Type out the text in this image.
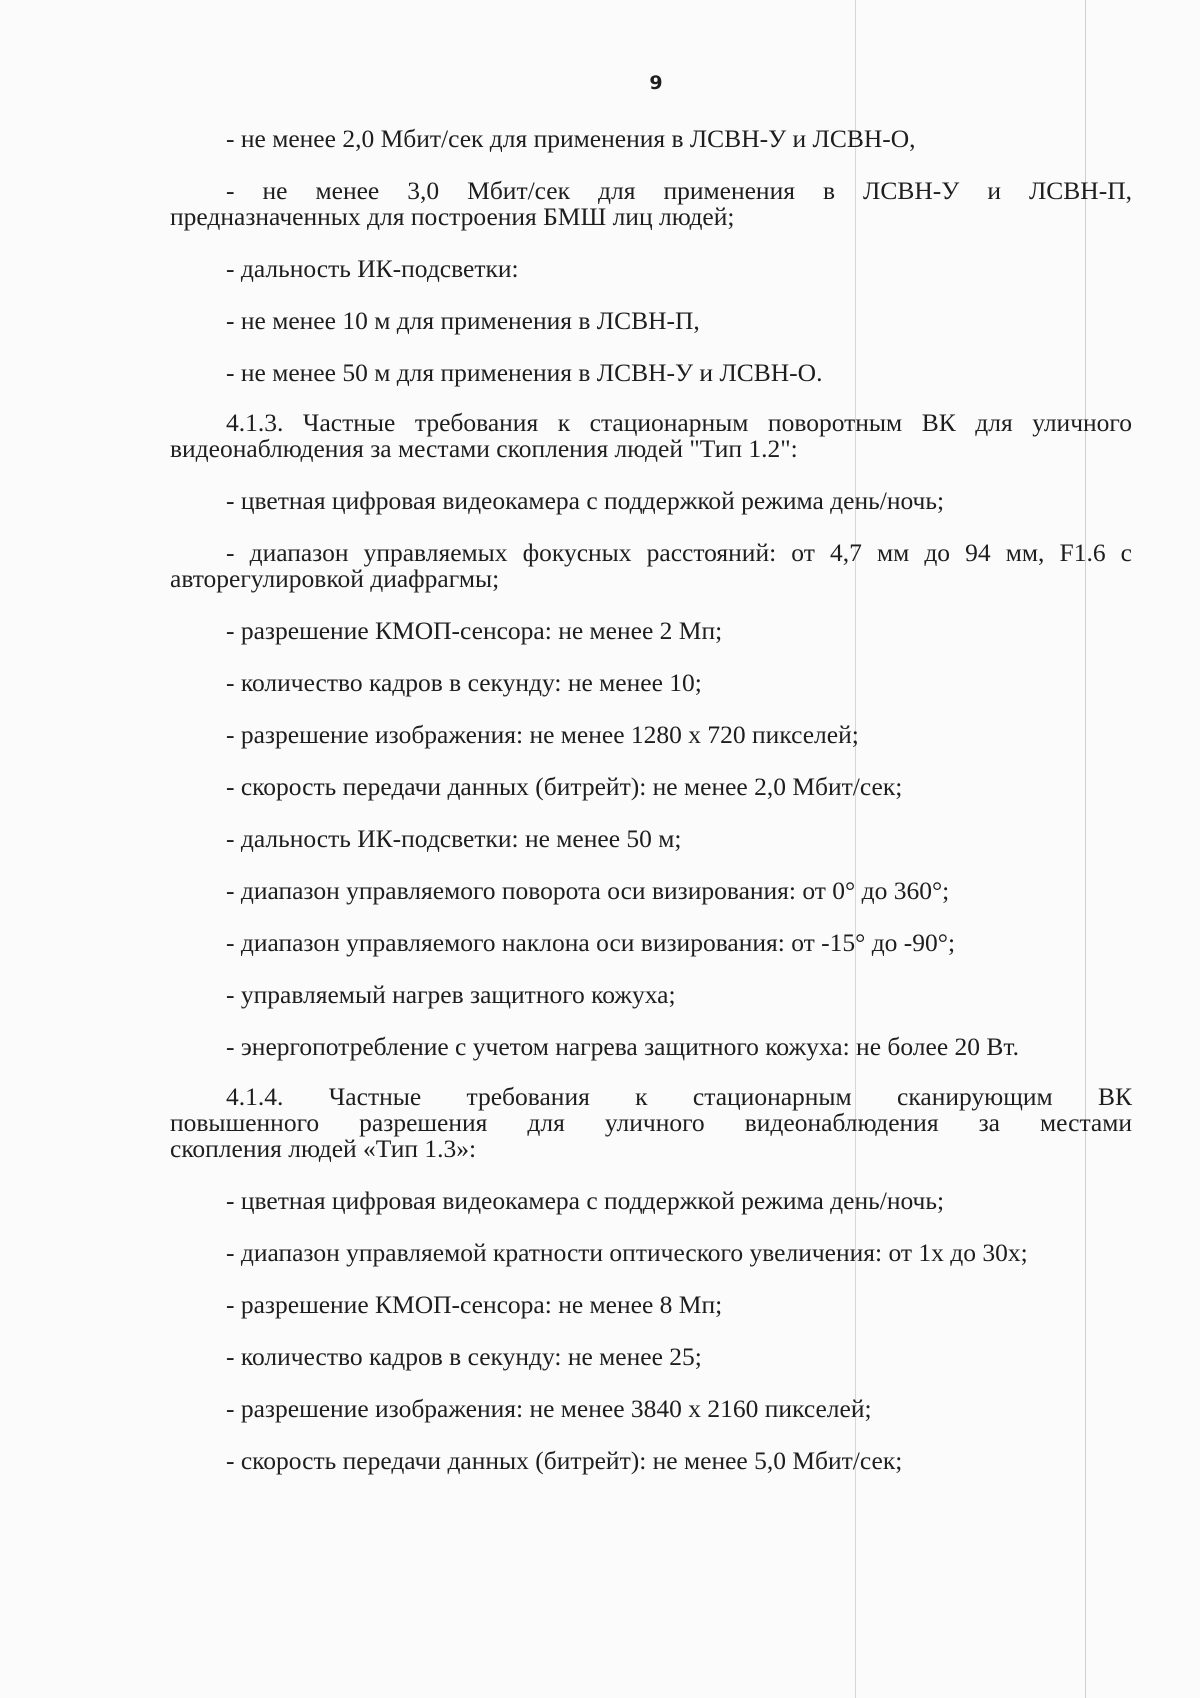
9
- не менее 2,0 Мбит/сек для применения в ЛСВН-У и ЛСВН-О,
- не менее 3,0 Мбит/сек для применения в ЛСВН-У и ЛСВН-П,
предназначенных для построения БМШ лиц людей;
- дальность ИК-подсветки:
- не менее 10 м для применения в ЛСВН-П,
- не менее 50 м для применения в ЛСВН-У и ЛСВН-О.
4.1.3. Частные требования к стационарным поворотным ВК для уличного
видеонаблюдения за местами скопления людей "Тип 1.2":
- цветная цифровая видеокамера с поддержкой режима день/ночь;
- диапазон управляемых фокусных расстояний: от 4,7 мм до 94 мм, F1.6 с
авторегулировкой диафрагмы;
- разрешение КМОП-сенсора: не менее 2 Мп;
- количество кадров в секунду: не менее 10;
- разрешение изображения: не менее 1280 x 720 пикселей;
- скорость передачи данных (битрейт): не менее 2,0 Мбит/сек;
- дальность ИК-подсветки: не менее 50 м;
- диапазон управляемого поворота оси визирования: от 0° до 360°;
- диапазон управляемого наклона оси визирования: от -15° до -90°;
- управляемый нагрев защитного кожуха;
- энергопотребление с учетом нагрева защитного кожуха: не более 20 Вт.
4.1.4. Частные требования к стационарным сканирующим ВК
повышенного разрешения для уличного видеонаблюдения за местами
скопления людей «Тип 1.3»:
- цветная цифровая видеокамера с поддержкой режима день/ночь;
- диапазон управляемой кратности оптического увеличения: от 1x до 30x;
- разрешение КМОП-сенсора: не менее 8 Мп;
- количество кадров в секунду: не менее 25;
- разрешение изображения: не менее 3840 x 2160 пикселей;
- скорость передачи данных (битрейт): не менее 5,0 Мбит/сек;
